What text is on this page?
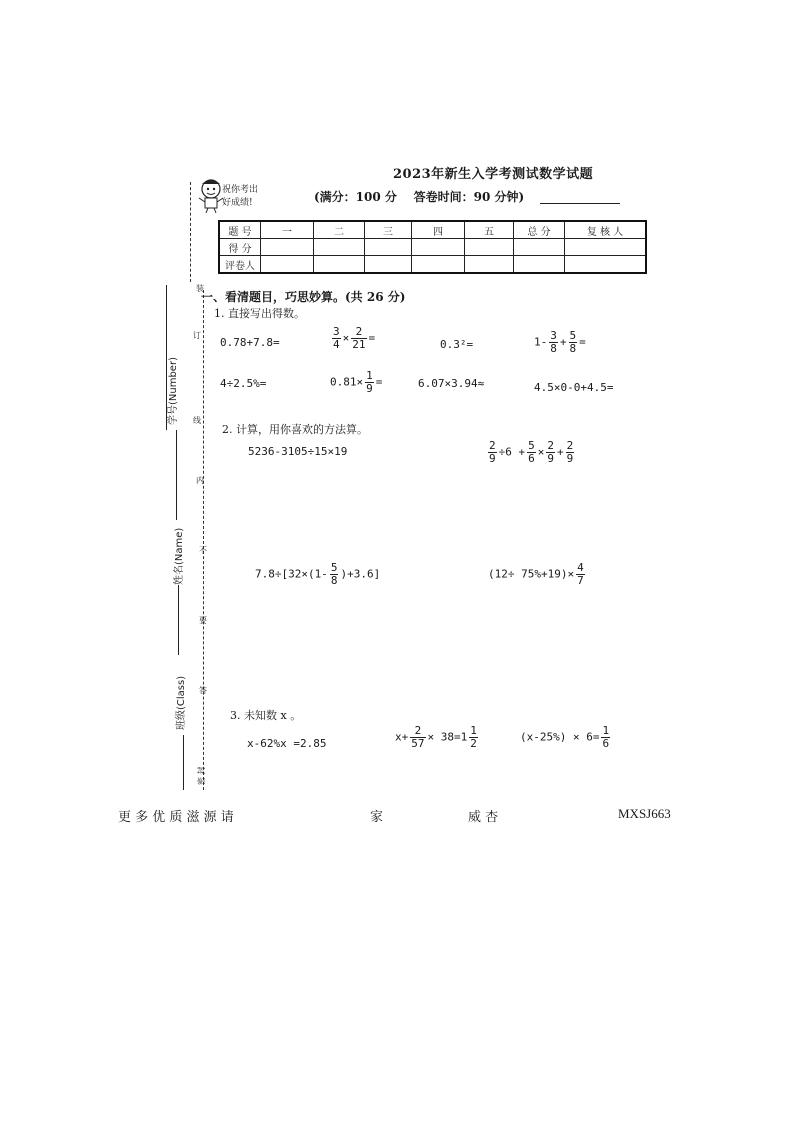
2023年新生入学考测试数学试题
(满分：100 分    答卷时间：90 分钟)
祝你考出
好成绩!
题 号	一	二	三	四	五	总 分	复 核 人
得 分							
评卷人							
学号(Number)
姓名(Name)
班级(Class)
装
订
线
内
不
要
答
密 封
一、看清题目，巧思妙算。(共 26 分)
1. 直接写出得数。
0.78+7.8=	$\frac{3}{4} \times \frac{2}{21}$ =	0.3²=	$1- \frac{3}{8} + \frac{5}{8}$ =
4÷2.5%=	$0.81\times \frac{1}{9}$ =	6.07×3.94≈	4.5×0-0+4.5=
2. 计算，用你喜欢的方法算。
5236-3105÷15×19	$\frac{2}{9} \div 6 + \frac{5}{6} \times \frac{2}{9} + \frac{2}{9}$
$7.8\div[32\times(1- \frac{5}{8} )+3.6]$	$(12\div 75\%+19)\times \frac{4}{7}$
3. 未知数 x 。
x-62%x =2.85	$x+ \frac{2}{57} \times 38=1 \frac{1}{2}$	$(x-25\%) \times 6= \frac{1}{6}$
更 多 优 质 滋 源 请	家	威 杏	MXSJ663
